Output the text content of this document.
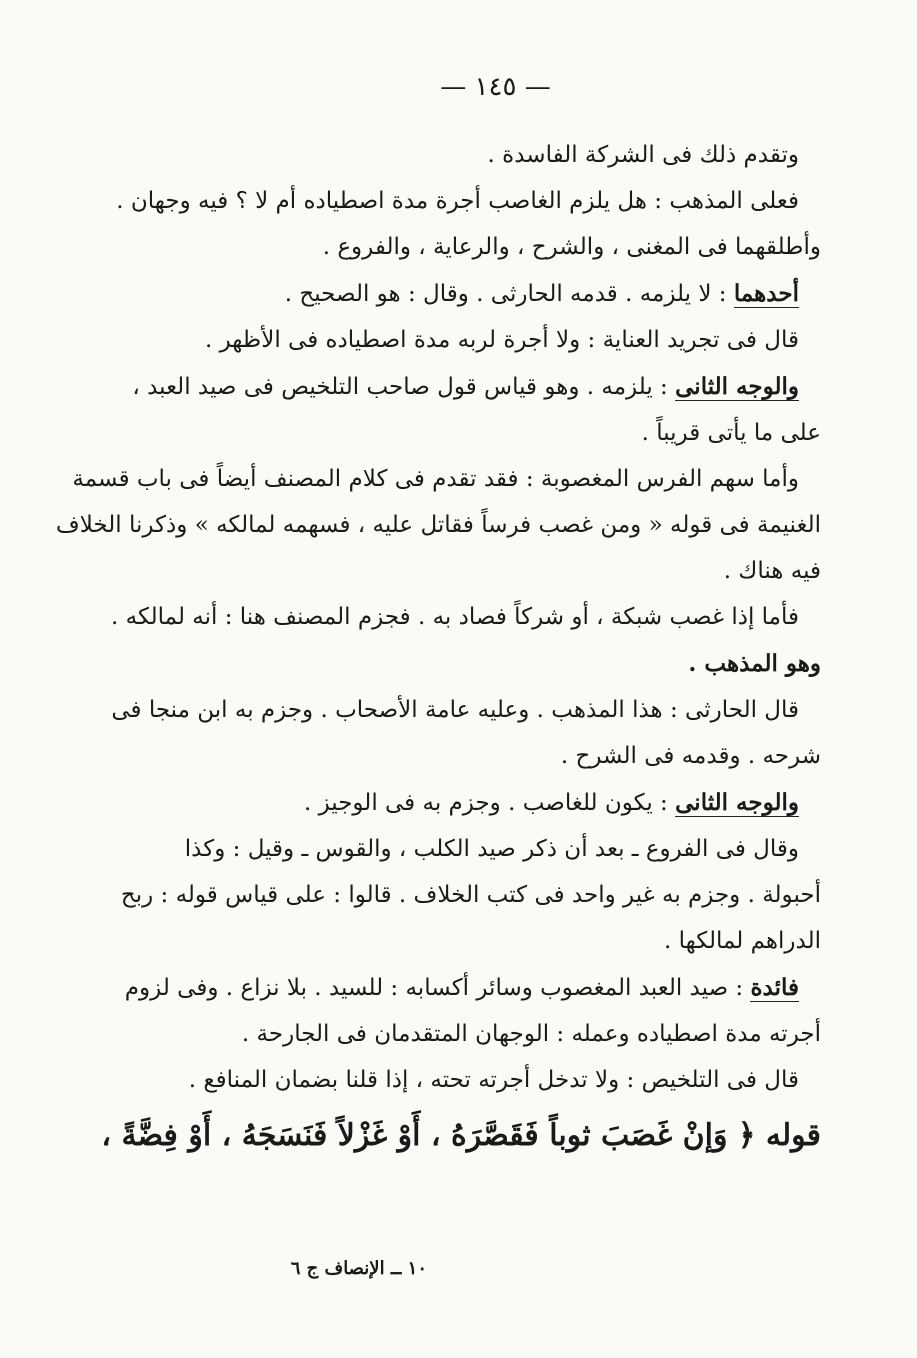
— ١٤٥ —
وتقدم ذلك فى الشركة الفاسدة .
فعلى المذهب : هل يلزم الغاصب أجرة مدة اصطياده أم لا ؟ فيه وجهان .
وأطلقهما فى المغنى ، والشرح ، والرعاية ، والفروع .
أحدهما : لا يلزمه . قدمه الحارثى . وقال : هو الصحيح .
قال فى تجريد العناية : ولا أجرة لربه مدة اصطياده فى الأظهر .
والوجه الثانى : يلزمه . وهو قياس قول صاحب التلخيص فى صيد العبد ،
على ما يأتى قريباً .
وأما سهم الفرس المغصوبة : فقد تقدم فى كلام المصنف أيضاً فى باب قسمة
الغنيمة فى قوله « ومن غصب فرساً فقاتل عليه ، فسهمه لمالكه » وذكرنا الخلاف
فيه هناك .
فأما إذا غصب شبكة ، أو شركاً فصاد به . فجزم المصنف هنا : أنه لمالكه .
وهو المذهب .
قال الحارثى : هذا المذهب . وعليه عامة الأصحاب . وجزم به ابن منجا فى
شرحه . وقدمه فى الشرح .
والوجه الثانى : يكون للغاصب . وجزم به فى الوجيز .
وقال فى الفروع ـ بعد أن ذكر صيد الكلب ، والقوس ـ وقيل : وكذا
أحبولة . وجزم به غير واحد فى كتب الخلاف . قالوا : على قياس قوله : ربح
الدراهم لمالكها .
فائدة : صيد العبد المغصوب وسائر أكسابه : للسيد . بلا نزاع . وفى لزوم
أجرته مدة اصطياده وعمله : الوجهان المتقدمان فى الجارحة .
قال فى التلخيص : ولا تدخل أجرته تحته ، إذا قلنا بضمان المنافع .
قوله ﴿ وَإنْ غَصَبَ ثوباً فَقَصَّرَهُ ، أَوْ غَزْلاً فَنَسَجَهُ ، أَوْ فِضَّةً ،
١٠ ــ الإنصاف ج ٦
